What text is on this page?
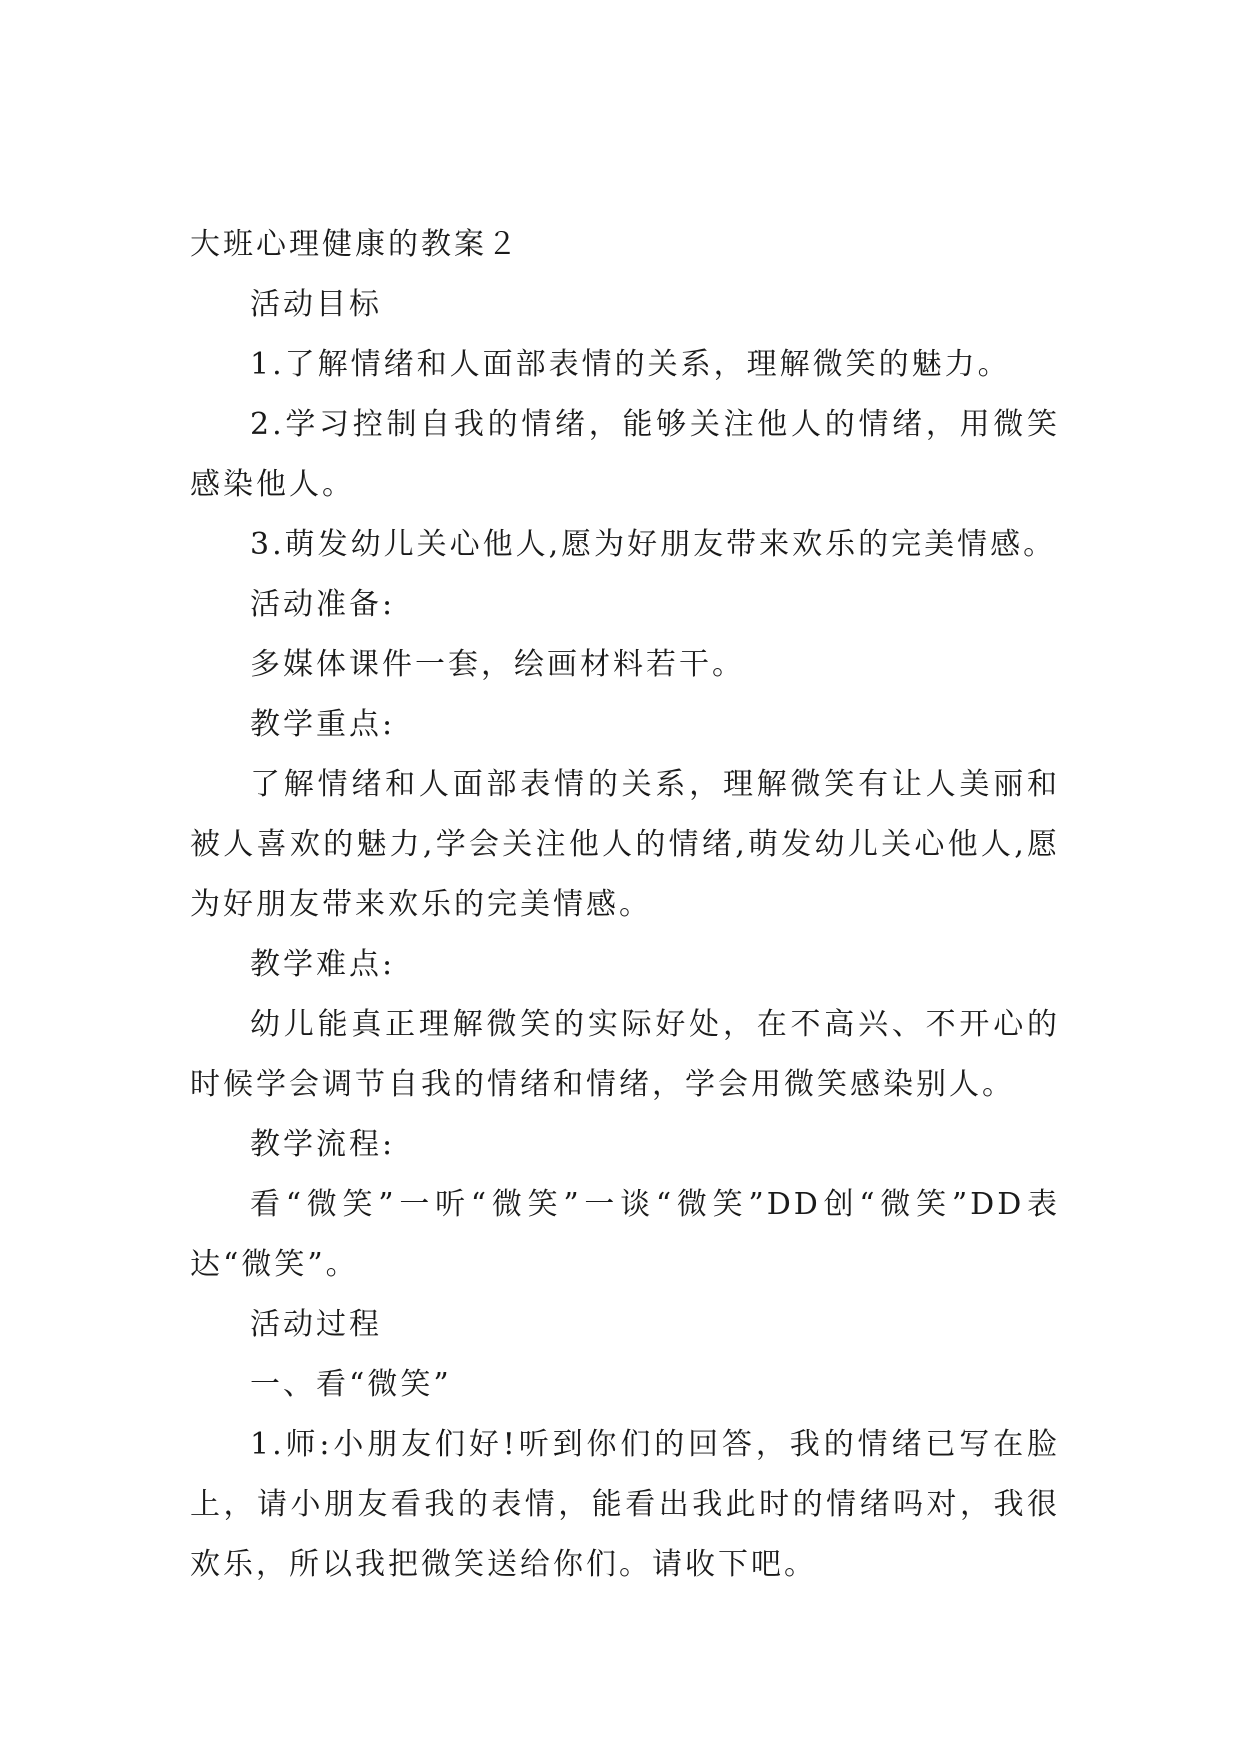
大班心理健康的教案２

活动目标

1.了解情绪和人面部表情的关系，理解微笑的魅力。

2.学习控制自我的情绪，能够关注他人的情绪，用微笑感染他人。

3.萌发幼儿关心他人,愿为好朋友带来欢乐的完美情感。

活动准备:

多媒体课件一套，绘画材料若干。

教学重点:

了解情绪和人面部表情的关系，理解微笑有让人美丽和被人喜欢的魅力,学会关注他人的情绪,萌发幼儿关心他人,愿为好朋友带来欢乐的完美情感。

教学难点:

幼儿能真正理解微笑的实际好处，在不高兴、不开心的时候学会调节自我的情绪和情绪，学会用微笑感染别人。

教学流程:

看“微笑”一听“微笑”一谈“微笑”DD创“微笑”DD表达“微笑”。

活动过程

一、看“微笑”

1.师:小朋友们好!听到你们的回答，我的情绪已写在脸上，请小朋友看我的表情，能看出我此时的情绪吗对，我很欢乐，所以我把微笑送给你们。请收下吧。
